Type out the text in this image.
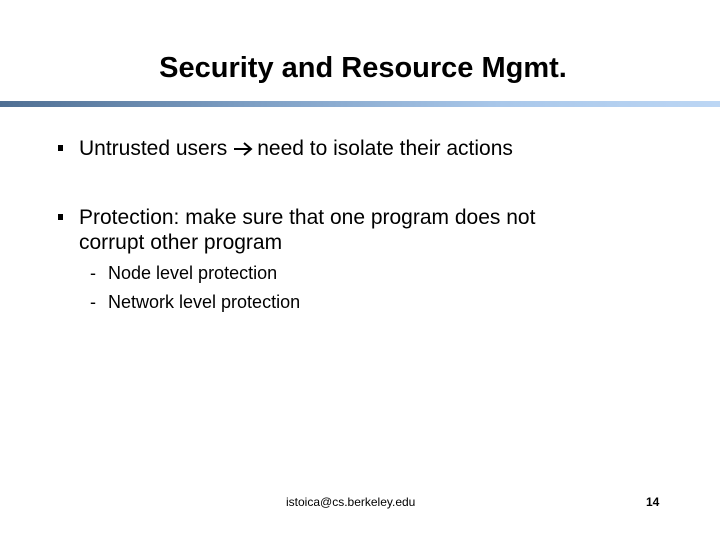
Security and Resource Mgmt.
Untrusted users need to isolate their actions
Protection: make sure that one program does not
corrupt other program
- Node level protection
- Network level protection
istoica@cs.berkeley.edu	14
